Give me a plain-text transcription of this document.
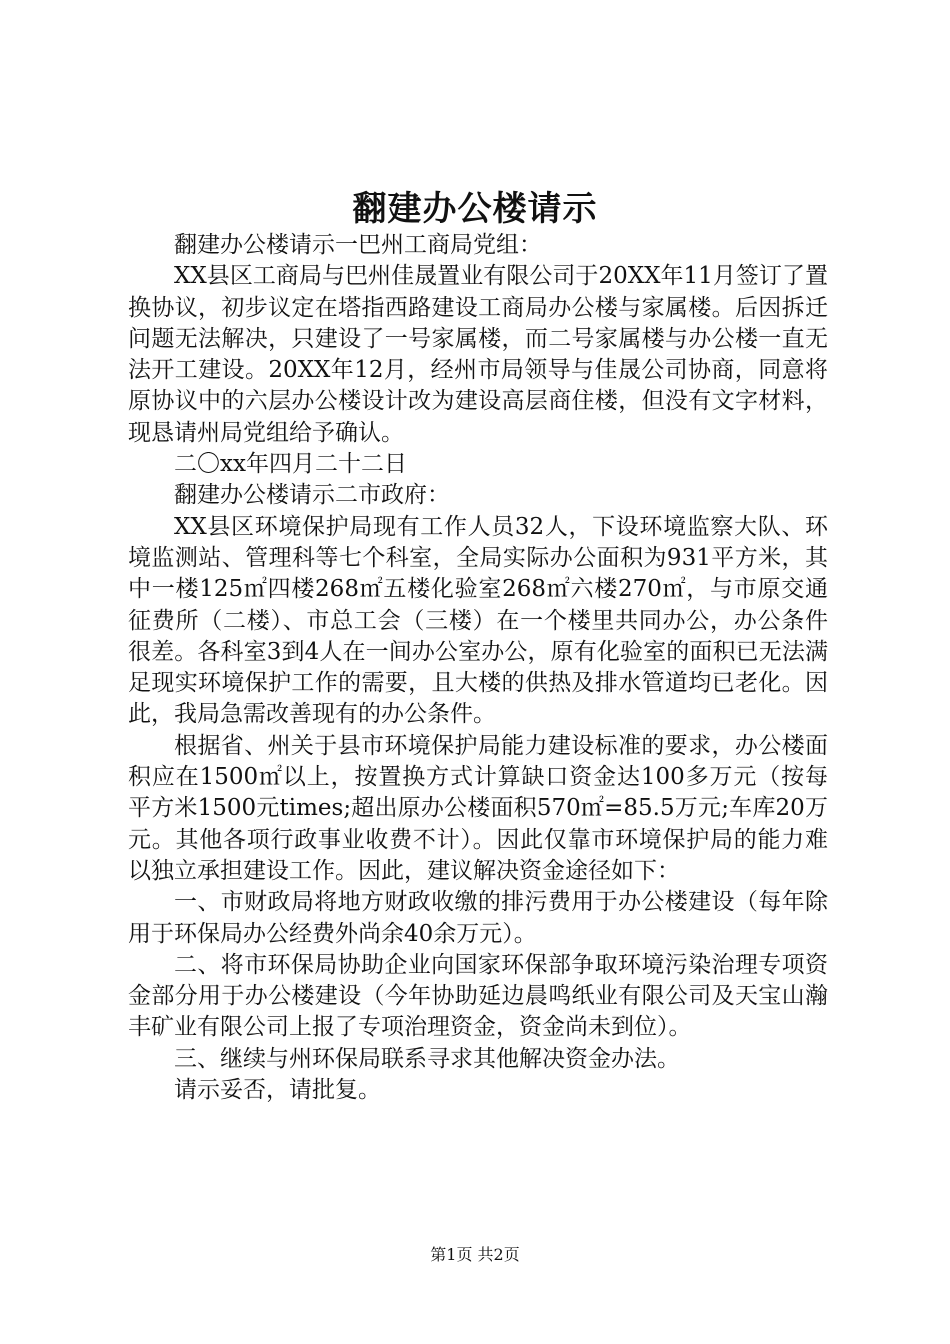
翻建办公楼请示

翻建办公楼请示一巴州工商局党组：

XX县区工商局与巴州佳晟置业有限公司于20XX年11月签订了置换协议，初步议定在塔指西路建设工商局办公楼与家属楼。后因拆迁问题无法解决，只建设了一号家属楼，而二号家属楼与办公楼一直无法开工建设。20XX年12月，经州市局领导与佳晟公司协商，同意将原协议中的六层办公楼设计改为建设高层商住楼，但没有文字材料，现恳请州局党组给予确认。

二〇xx年四月二十二日

翻建办公楼请示二市政府：

XX县区环境保护局现有工作人员32人，下设环境监察大队、环境监测站、管理科等七个科室，全局实际办公面积为931平方米，其中一楼125㎡四楼268㎡五楼化验室268㎡六楼270㎡，与市原交通征费所（二楼）、市总工会（三楼）在一个楼里共同办公，办公条件很差。各科室3到4人在一间办公室办公，原有化验室的面积已无法满足现实环境保护工作的需要，且大楼的供热及排水管道均已老化。因此，我局急需改善现有的办公条件。

根据省、州关于县市环境保护局能力建设标准的要求，办公楼面积应在1500㎡以上，按置换方式计算缺口资金达100多万元（按每平方米1500元times;超出原办公楼面积570㎡=85.5万元;车库20万元。其他各项行政事业收费不计）。因此仅靠市环境保护局的能力难以独立承担建设工作。因此，建议解决资金途径如下：

一、市财政局将地方财政收缴的排污费用于办公楼建设（每年除用于环保局办公经费外尚余40余万元）。

二、将市环保局协助企业向国家环保部争取环境污染治理专项资金部分用于办公楼建设（今年协助延边晨鸣纸业有限公司及天宝山瀚丰矿业有限公司上报了专项治理资金，资金尚未到位）。

三、继续与州环保局联系寻求其他解决资金办法。

请示妥否，请批复。

第1页 共2页
